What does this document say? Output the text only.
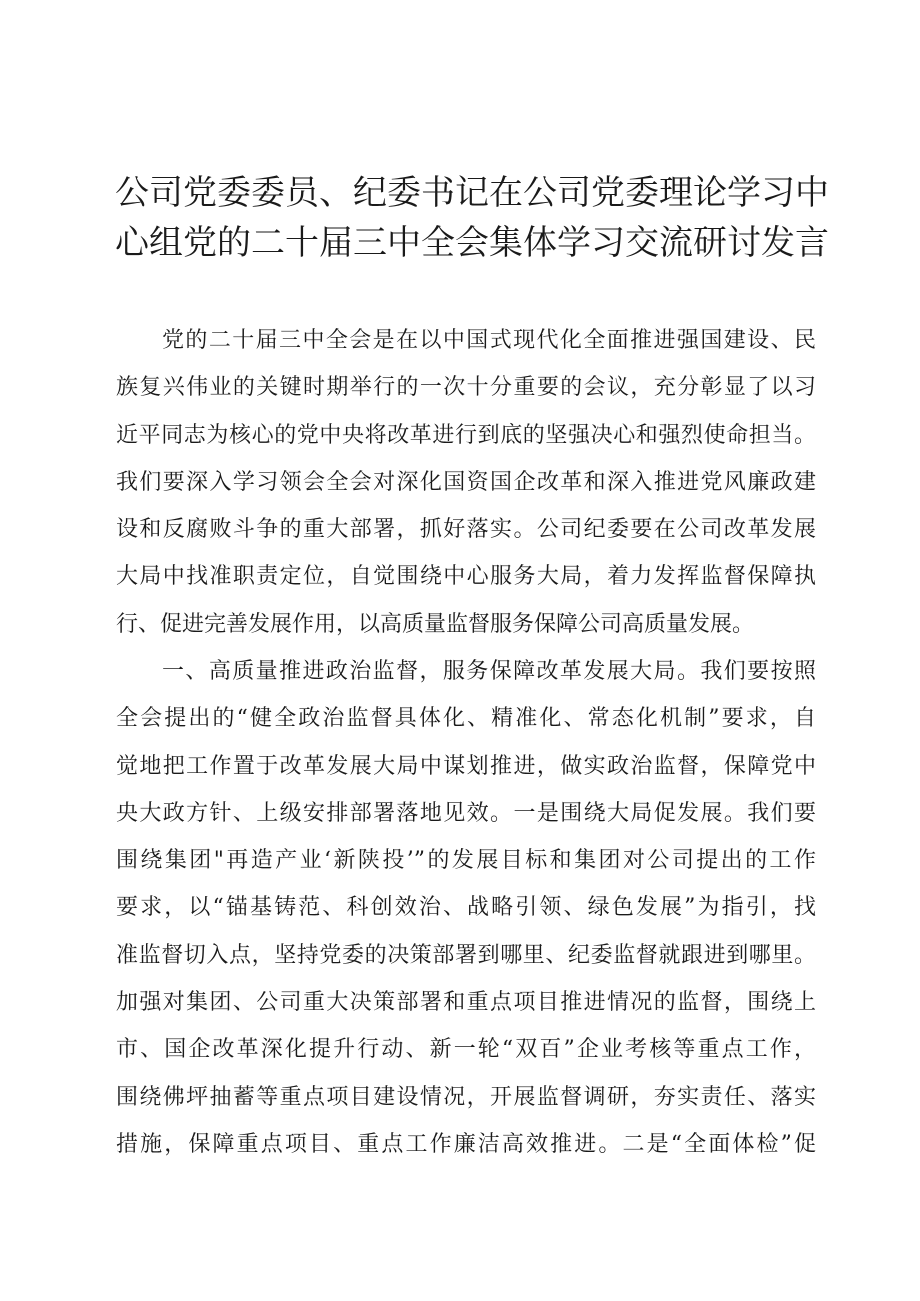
公司党委委员、纪委书记在公司党委理论学习中
心组党的二十届三中全会集体学习交流研讨发言
党的二十届三中全会是在以中国式现代化全面推进强国建设、民
族复兴伟业的关键时期举行的一次十分重要的会议，充分彰显了以习
近平同志为核心的党中央将改革进行到底的坚强决心和强烈使命担当。
我们要深入学习领会全会对深化国资国企改革和深入推进党风廉政建
设和反腐败斗争的重大部署，抓好落实。公司纪委要在公司改革发展
大局中找准职责定位，自觉围绕中心服务大局，着力发挥监督保障执
行、促进完善发展作用，以高质量监督服务保障公司高质量发展。
一、高质量推进政治监督，服务保障改革发展大局。我们要按照
全会提出的“健全政治监督具体化、精准化、常态化机制”要求，自
觉地把工作置于改革发展大局中谋划推进，做实政治监督，保障党中
央大政方针、上级安排部署落地见效。一是围绕大局促发展。我们要
围绕集团"再造产业‘新陕投’”的发展目标和集团对公司提出的工作
要求，以“锚基铸范、科创效治、战略引领、绿色发展”为指引，找
准监督切入点，坚持党委的决策部署到哪里、纪委监督就跟进到哪里。
加强对集团、公司重大决策部署和重点项目推进情况的监督，围绕上
市、国企改革深化提升行动、新一轮“双百”企业考核等重点工作，
围绕佛坪抽蓄等重点项目建设情况，开展监督调研，夯实责任、落实
措施，保障重点项目、重点工作廉洁高效推进。二是“全面体检”促
